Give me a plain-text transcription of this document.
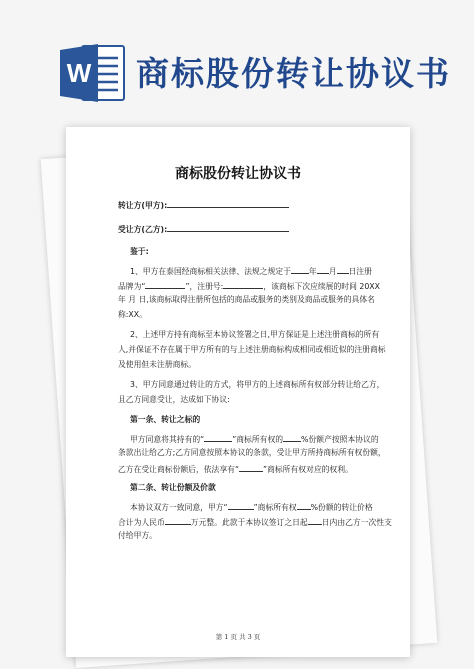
W 商标股份转让协议书
商标股份转让协议书
转让方(甲方):
受让方(乙方):
鉴于:
1、甲方在泰国经商标相关法律、法规之规定于 年 月 日注册
品牌为“	”，注册号:	，该商标下次应续展的时间 20XX
年 月 日,该商标取得注册所包括的商品或服务的类别及商品或服务的具体名
称:XX。
2、上述甲方持有商标至本协议签署之日,甲方保证是上述注册商标的所有
人,并保证不存在属于甲方所有的与上述注册商标构成相同或相近似的注册商标
及使用但未注册商标。
3、甲方同意通过转让的方式，将甲方的上述商标所有权部分转让给乙方，
且乙方同意受让，达成如下协议:
第一条、转让之标的
甲方同意将其持有的“	”商标所有权的 %份额产按照本协议的
条款出让给乙方;乙方同意按照本协议的条款，受让甲方所持商标所有权份额，
乙方在受让商标份额后，依法享有“	”商标所有权对应的权利。
第二条、转让份额及价款
本协议双方一致同意，甲方“	”商标所有权 %份额的转让价格
合计为人民币	万元整。此款于本协议签订之日起 日内由乙方一次性支
付给甲方。
第 1 页 共 3 页
